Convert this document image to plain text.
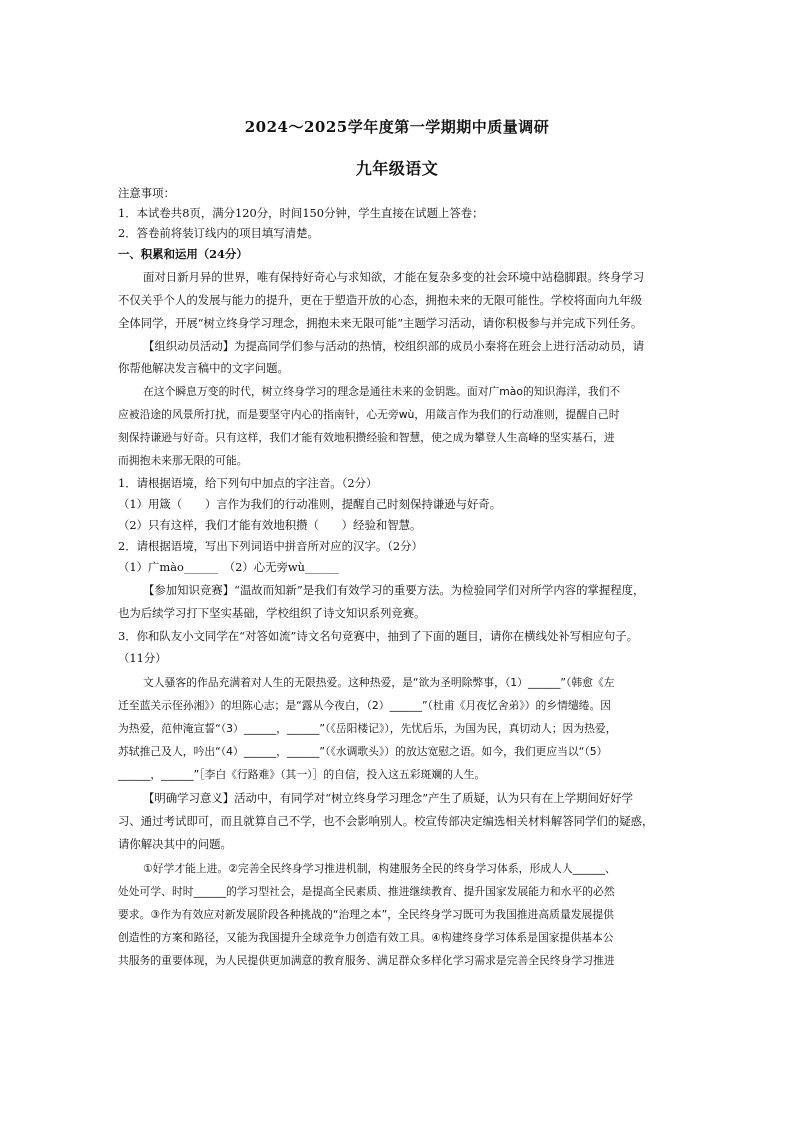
2024～2025学年度第一学期期中质量调研
九年级语文
注意事项：
1．本试卷共8页，满分120分，时间150分钟，学生直接在试题上答卷；
2．答卷前将装订线内的项目填写清楚。
一、积累和运用（24分）
面对日新月异的世界，唯有保持好奇心与求知欲，才能在复杂多变的社会环境中站稳脚跟。终身学习
不仅关乎个人的发展与能力的提升，更在于塑造开放的心态，拥抱未来的无限可能性。学校将面向九年级
全体同学，开展“树立终身学习理念，拥抱未来无限可能”主题学习活动，请你积极参与并完成下列任务。
【组织动员活动】为提高同学们参与活动的热情，校组织部的成员小秦将在班会上进行活动动员，请
你帮他解决发言稿中的文字问题。
在这个瞬息万变的时代，树立终身学习的理念是通往未来的金钥匙。面对广mào的知识海洋，我们不
应被沿途的风景所打扰，而是要坚守内心的指南针，心无旁wù，用箴言作为我们的行动准则，提醒自己时
刻保持谦逊与好奇。只有这样，我们才能有效地积攒经验和智慧，使之成为攀登人生高峰的坚实基石，进
而拥抱未来那无限的可能。
1．请根据语境，给下列句中加点的字注音。（2分）
（1）用箴（　　）言作为我们的行动准则，提醒自己时刻保持谦逊与好奇。
（2）只有这样，我们才能有效地积攒（　　）经验和智慧。
2．请根据语境，写出下列词语中拼音所对应的汉字。（2分）
（1）广mào______　（2）心无旁wù______
【参加知识竞赛】“温故而知新”是我们有效学习的重要方法。为检验同学们对所学内容的掌握程度，
也为后续学习打下坚实基础，学校组织了诗文知识系列竞赛。
3．你和队友小文同学在“对答如流”诗文名句竞赛中，抽到了下面的题目，请你在横线处补写相应句子。
（11分）
文人骚客的作品充满着对人生的无限热爱。这种热爱，是“欲为圣明除弊事，（1）______”（韩愈《左
迁至蓝关示侄孙湘》）的坦陈心志；是“露从今夜白，（2）______”（杜甫《月夜忆舍弟》）的乡情缱绻。因
为热爱，范仲淹宣誓“（3）______，______”（《岳阳楼记》），先忧后乐，为国为民，真切动人；因为热爱，
苏轼推己及人，吟出“（4）______，______”（《水调歌头》）的放达宽慰之语。如今，我们更应当以“（5）
______，______”［李白《行路难》（其一）］的自信，投入这五彩斑斓的人生。
【明确学习意义】活动中，有同学对“树立终身学习理念”产生了质疑，认为只有在上学期间好好学
习、通过考试即可，而且就算自己不学，也不会影响别人。校宣传部决定编选相关材料解答同学们的疑惑，
请你解决其中的问题。
①好学才能上进。②完善全民终身学习推进机制，构建服务全民的终身学习体系，形成人人______、
处处可学、时时______的学习型社会，是提高全民素质、推进继续教育、提升国家发展能力和水平的必然
要求。③作为有效应对新发展阶段各种挑战的“治理之本”，全民终身学习既可为我国推进高质量发展提供
创造性的方案和路径，又能为我国提升全球竞争力创造有效工具。④构建终身学习体系是国家提供基本公
共服务的重要体现，为人民提供更加满意的教育服务、满足群众多样化学习需求是完善全民终身学习推进
